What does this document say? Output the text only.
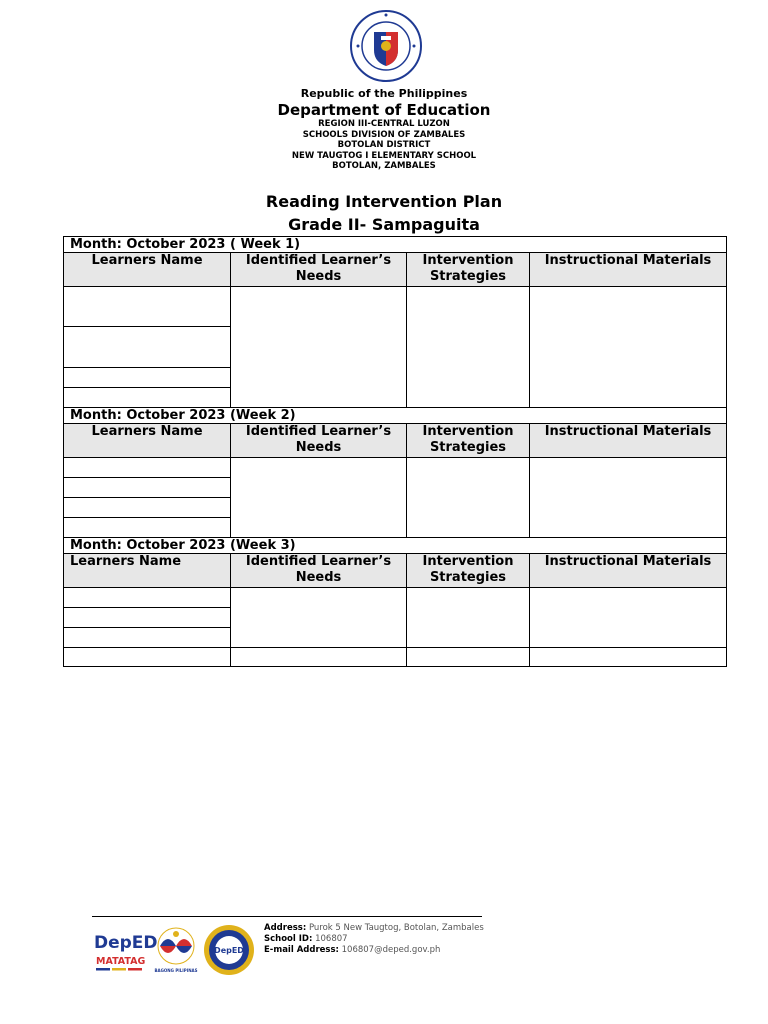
Republic of the Philippines
Department of Education
REGION III-CENTRAL LUZON
SCHOOLS DIVISION OF ZAMBALES
BOTOLAN DISTRICT
NEW TAUGTOG I ELEMENTARY SCHOOL
BOTOLAN, ZAMBALES
Reading Intervention Plan
Grade II- Sampaguita
Month: October 2023 ( Week 1)			
Learners Name	Identified Learner’s Needs	Intervention Strategies	Instructional Materials

Month: October 2023 (Week 2)			
Learners Name	Identified Learner’s Needs	Intervention Strategies	Instructional Materials

Month: October 2023 (Week 3)			
Learners Name	Identified Learner’s Needs	Intervention Strategies	Instructional Materials

DepED
MATATAG
BAGONG PILIPINAS
DepED
Address: Purok 5 New Taugtog, Botolan, Zambales
School ID: 106807
E-mail Address: 106807@deped.gov.ph
